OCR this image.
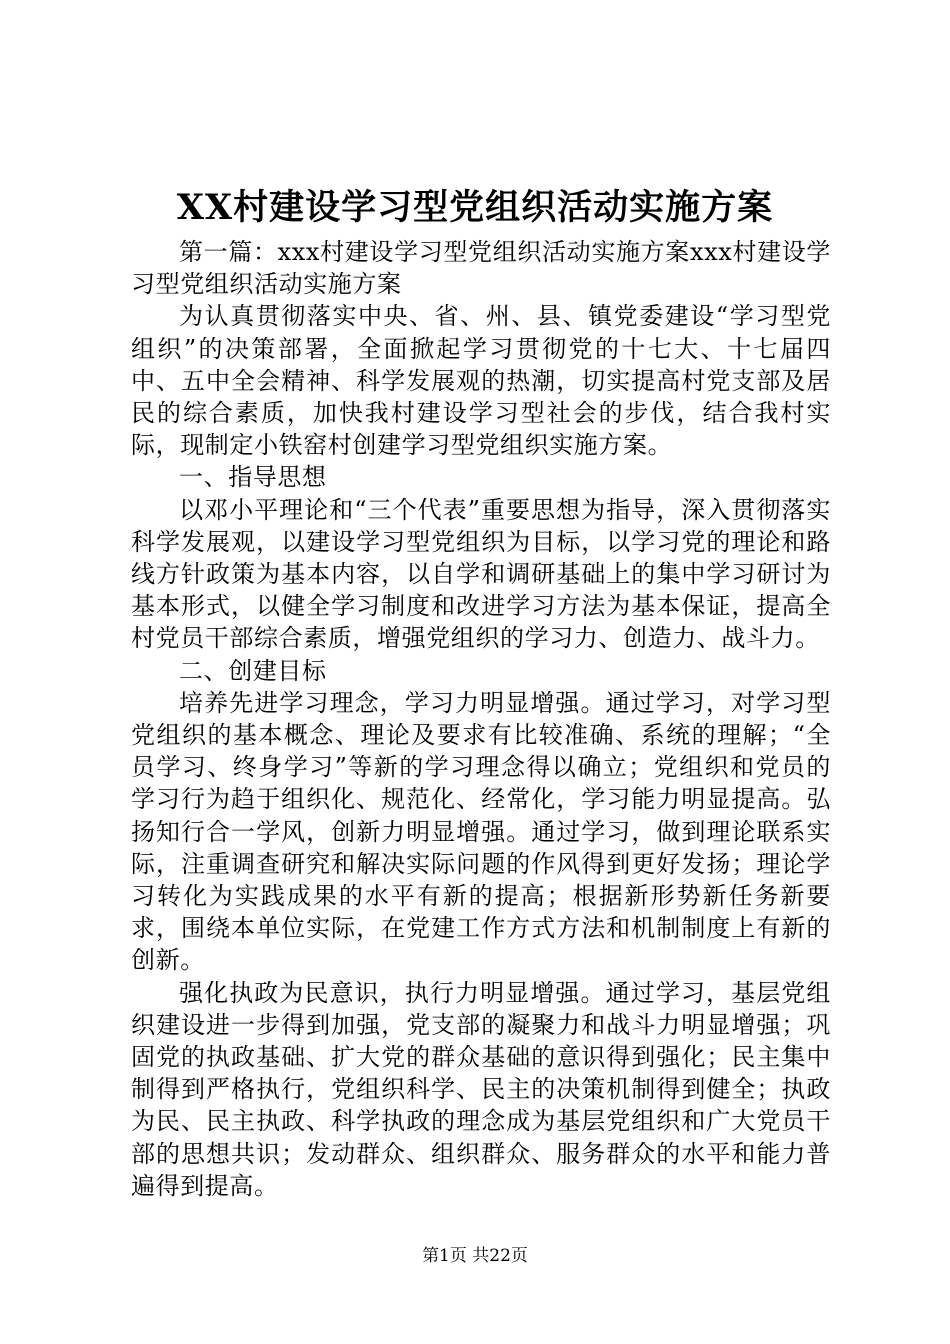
XX村建设学习型党组织活动实施方案

第一篇：xxx村建设学习型党组织活动实施方案xxx村建设学习型党组织活动实施方案

为认真贯彻落实中央、省、州、县、镇党委建设“学习型党组织”的决策部署，全面掀起学习贯彻党的十七大、十七届四中、五中全会精神、科学发展观的热潮，切实提高村党支部及居民的综合素质，加快我村建设学习型社会的步伐，结合我村实际，现制定小铁窑村创建学习型党组织实施方案。

一、指导思想

以邓小平理论和“三个代表”重要思想为指导，深入贯彻落实科学发展观，以建设学习型党组织为目标，以学习党的理论和路线方针政策为基本内容，以自学和调研基础上的集中学习研讨为基本形式，以健全学习制度和改进学习方法为基本保证，提高全村党员干部综合素质，增强党组织的学习力、创造力、战斗力。

二、创建目标

培养先进学习理念，学习力明显增强。通过学习，对学习型党组织的基本概念、理论及要求有比较准确、系统的理解；“全员学习、终身学习”等新的学习理念得以确立；党组织和党员的学习行为趋于组织化、规范化、经常化，学习能力明显提高。弘扬知行合一学风，创新力明显增强。通过学习，做到理论联系实际，注重调查研究和解决实际问题的作风得到更好发扬；理论学习转化为实践成果的水平有新的提高；根据新形势新任务新要求，围绕本单位实际，在党建工作方式方法和机制制度上有新的创新。

强化执政为民意识，执行力明显增强。通过学习，基层党组织建设进一步得到加强，党支部的凝聚力和战斗力明显增强；巩固党的执政基础、扩大党的群众基础的意识得到强化；民主集中制得到严格执行，党组织科学、民主的决策机制得到健全；执政为民、民主执政、科学执政的理念成为基层党组织和广大党员干部的思想共识；发动群众、组织群众、服务群众的水平和能力普遍得到提高。

第1页 共22页
